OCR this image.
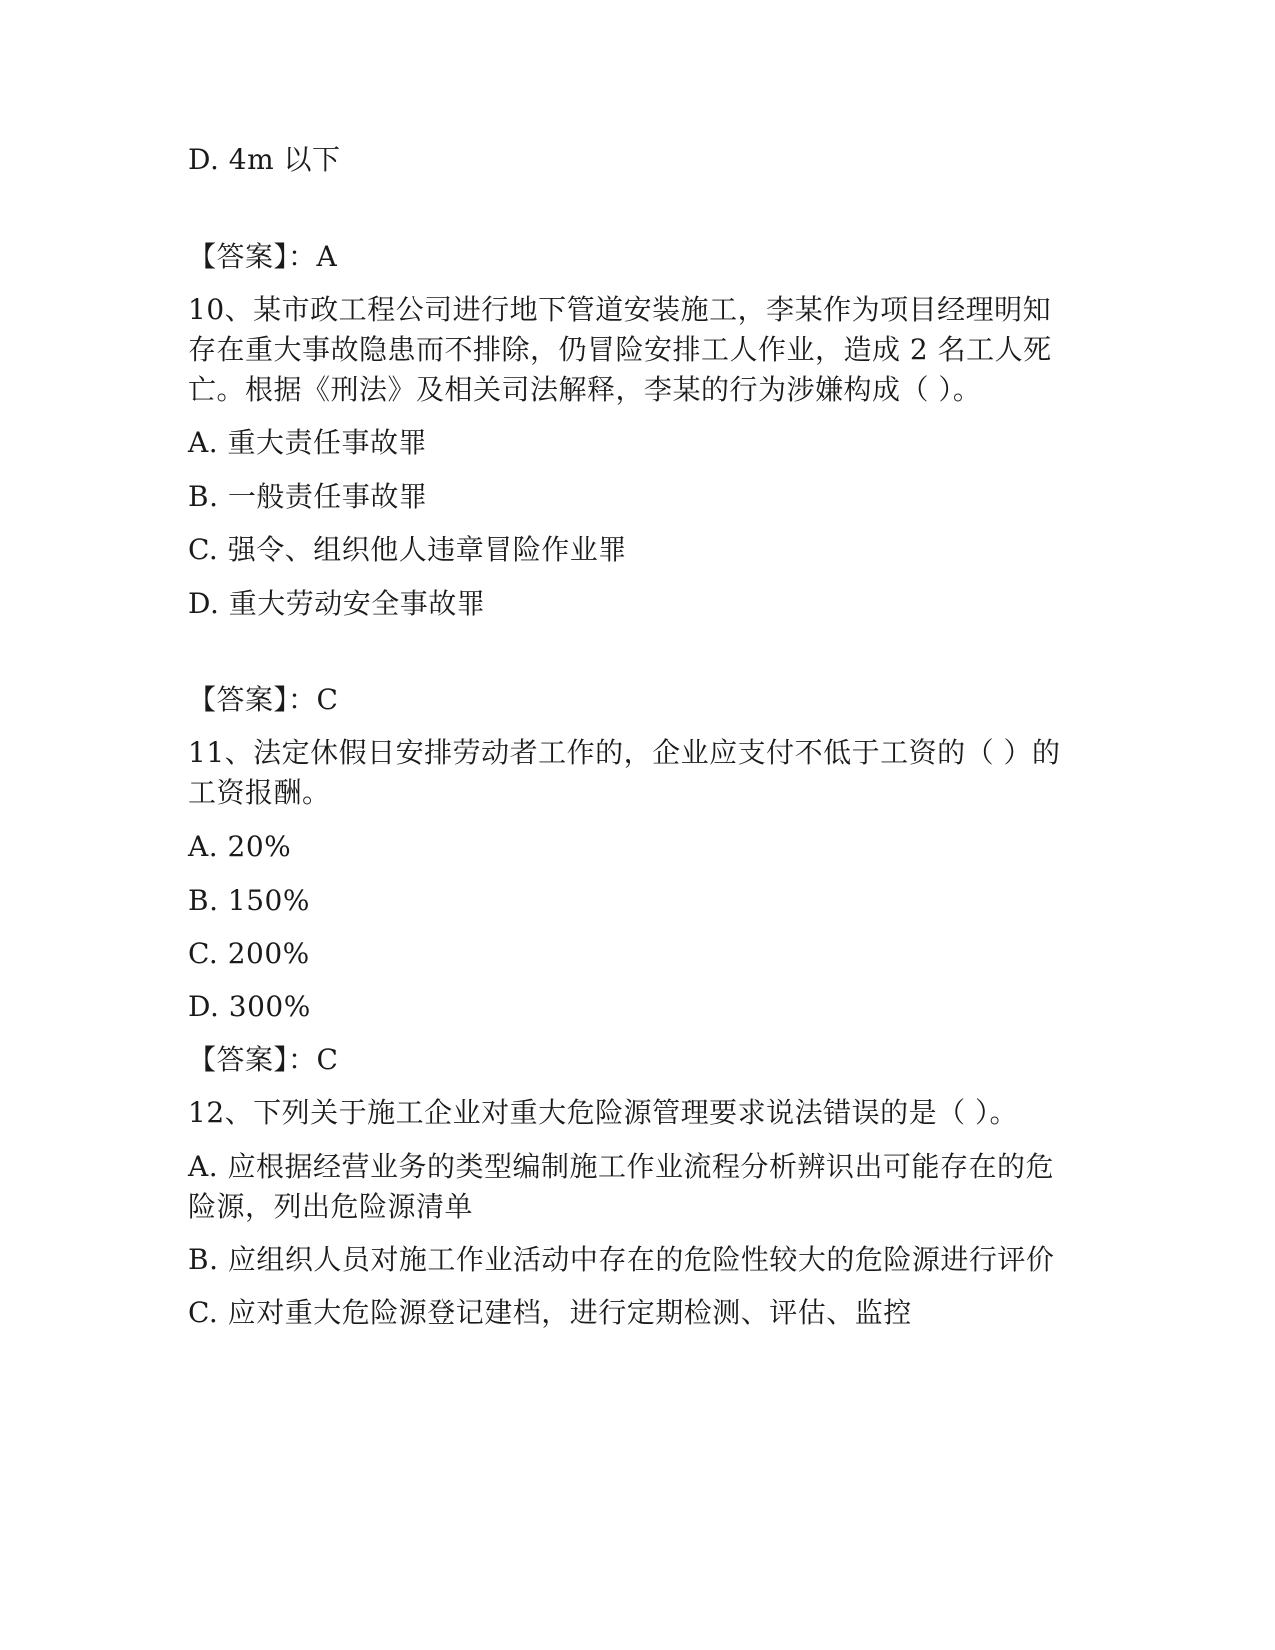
D. 4m 以下
【答案】：A
10、某市政工程公司进行地下管道安装施工，李某作为项目经理明知
存在重大事故隐患而不排除，仍冒险安排工人作业，造成 2 名工人死
亡。根据《刑法》及相关司法解释，李某的行为涉嫌构成（ ）。
A. 重大责任事故罪
B. 一般责任事故罪
C. 强令、组织他人违章冒险作业罪
D. 重大劳动安全事故罪
【答案】：C
11、法定休假日安排劳动者工作的，企业应支付不低于工资的（ ）的
工资报酬。
A. 20%
B. 150%
C. 200%
D. 300%
【答案】：C
12、下列关于施工企业对重大危险源管理要求说法错误的是（ ）。
A. 应根据经营业务的类型编制施工作业流程分析辨识出可能存在的危
险源，列出危险源清单
B. 应组织人员对施工作业活动中存在的危险性较大的危险源进行评价
C. 应对重大危险源登记建档，进行定期检测、评估、监控
